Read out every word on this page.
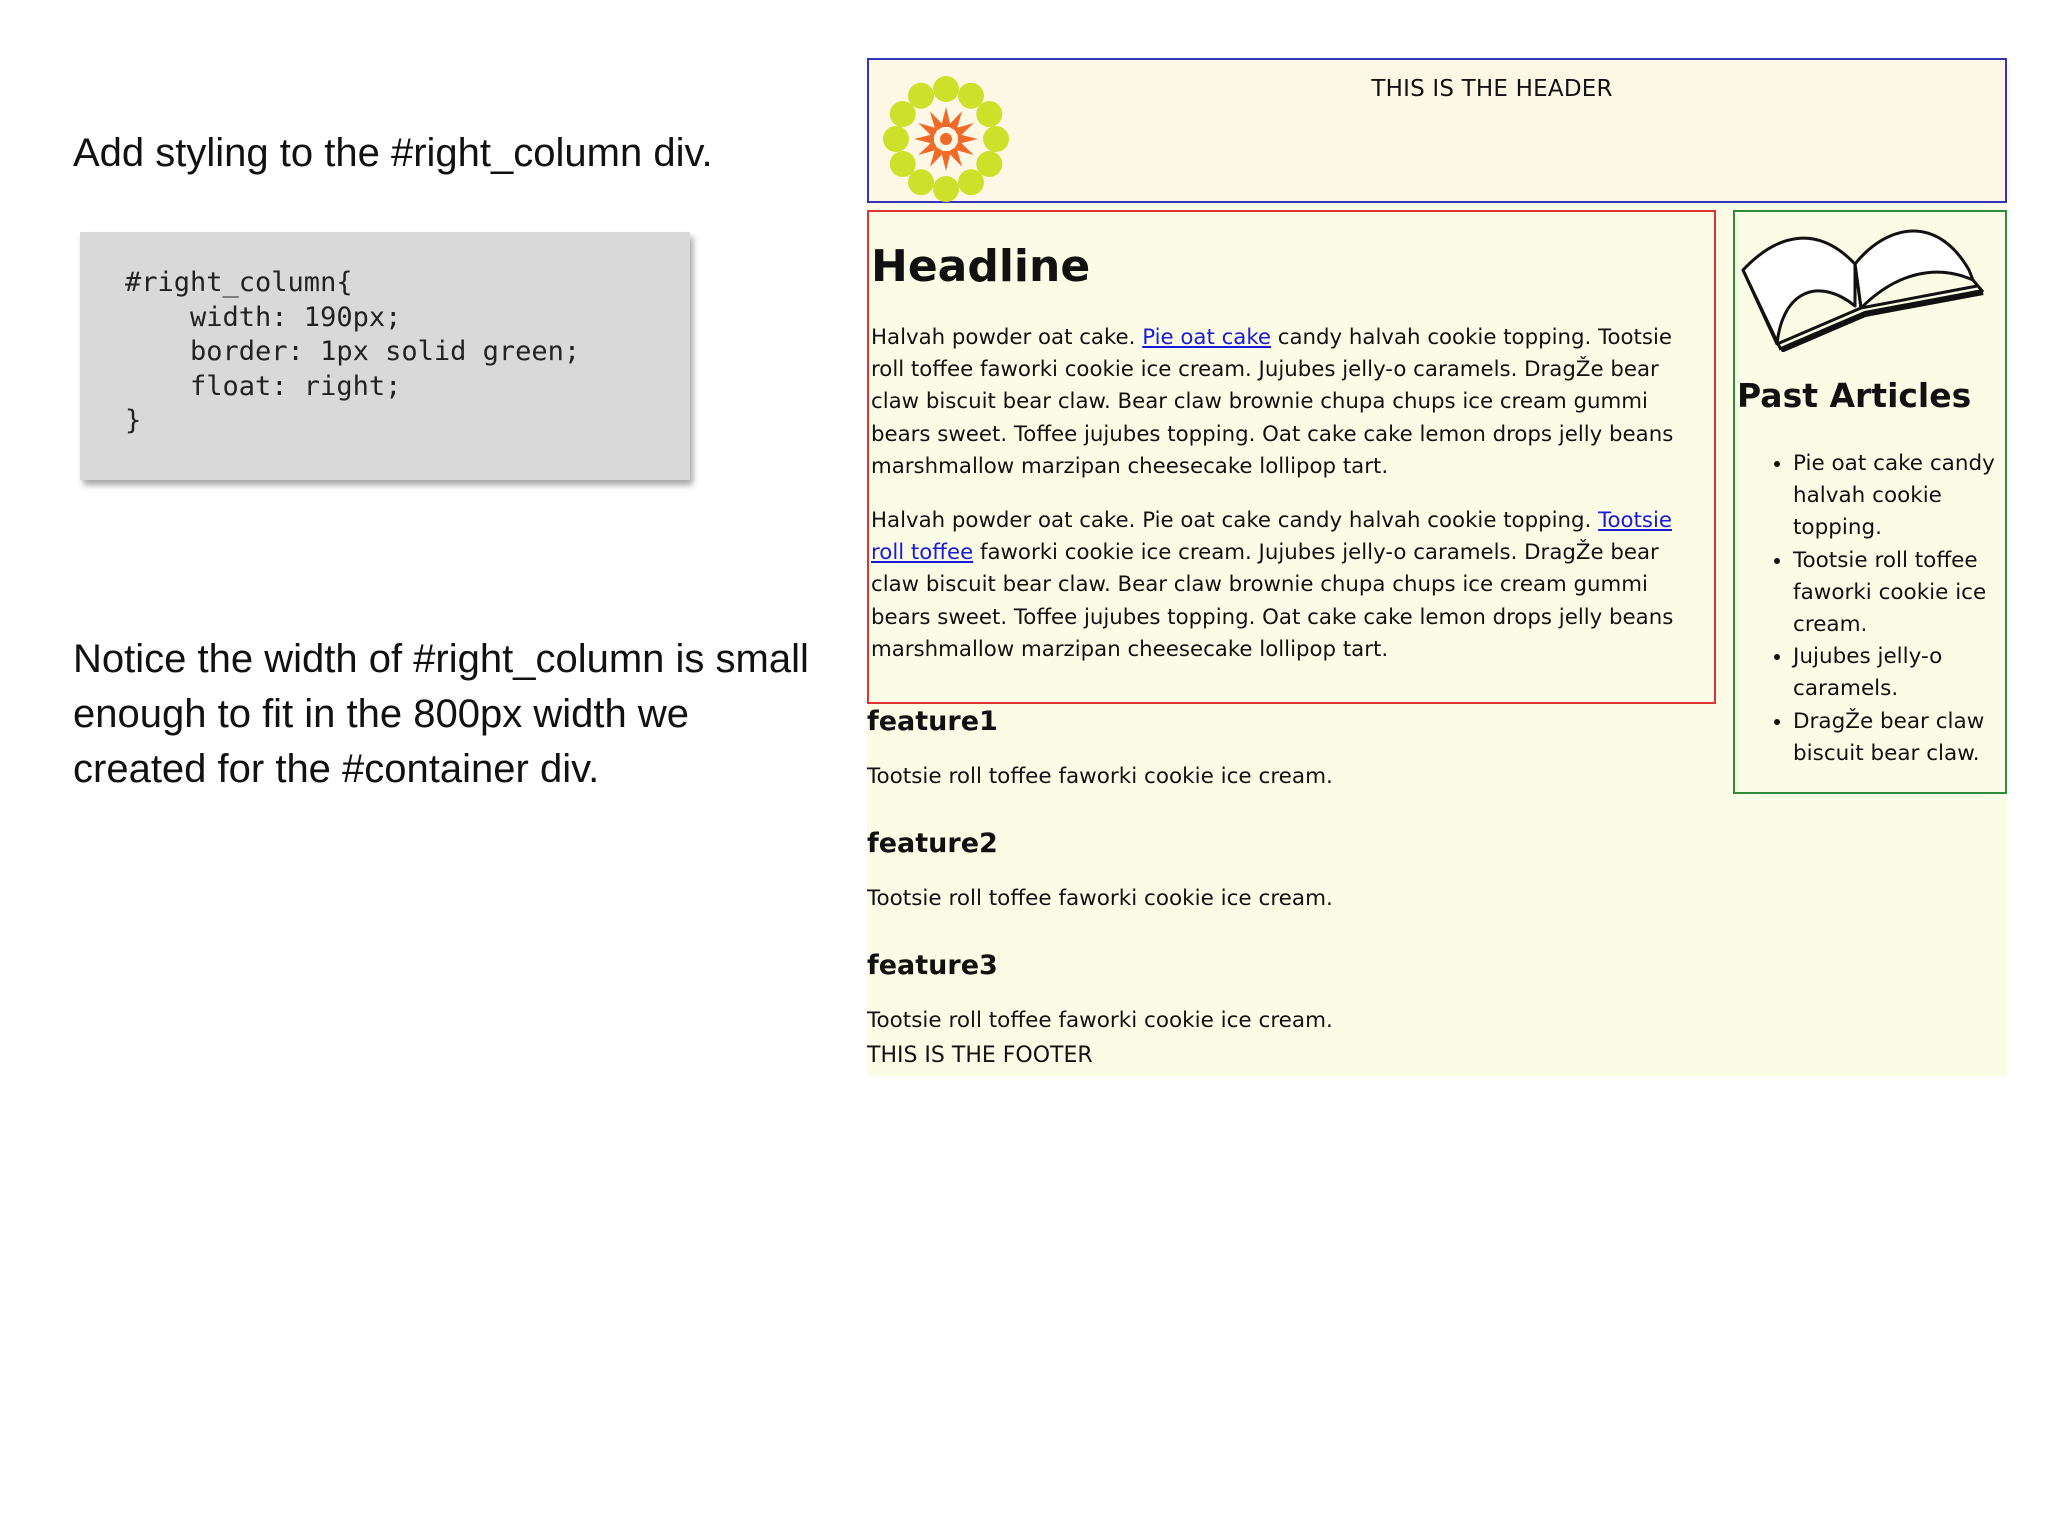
Add styling to the #right_column div.
#right_column{
width: 190px;
border: 1px solid green;
float: right;
}
Notice the width of #right_column is small enough to fit in the 800px width we created for the #container div.
THIS IS THE HEADER
Headline

Halvah powder oat cake. Pie oat cake candy halvah cookie topping. Tootsie roll toffee faworki cookie ice cream. Jujubes jelly-o caramels. DragŽe bear claw biscuit bear claw. Bear claw brownie chupa chups ice cream gummi bears sweet. Toffee jujubes topping. Oat cake cake lemon drops jelly beans marshmallow marzipan cheesecake lollipop tart.

Halvah powder oat cake. Pie oat cake candy halvah cookie topping. Tootsie roll toffee faworki cookie ice cream. Jujubes jelly-o caramels. DragŽe bear claw biscuit bear claw. Bear claw brownie chupa chups ice cream gummi bears sweet. Toffee jujubes topping. Oat cake cake lemon drops jelly beans marshmallow marzipan cheesecake lollipop tart.

Past Articles
• Pie oat cake candy halvah cookie topping.
• Tootsie roll toffee faworki cookie ice cream.
• Jujubes jelly-o caramels.
• DragŽe bear claw biscuit bear claw.
feature1

Tootsie roll toffee faworki cookie ice cream.

feature2

Tootsie roll toffee faworki cookie ice cream.

feature3

Tootsie roll toffee faworki cookie ice cream.

THIS IS THE FOOTER
